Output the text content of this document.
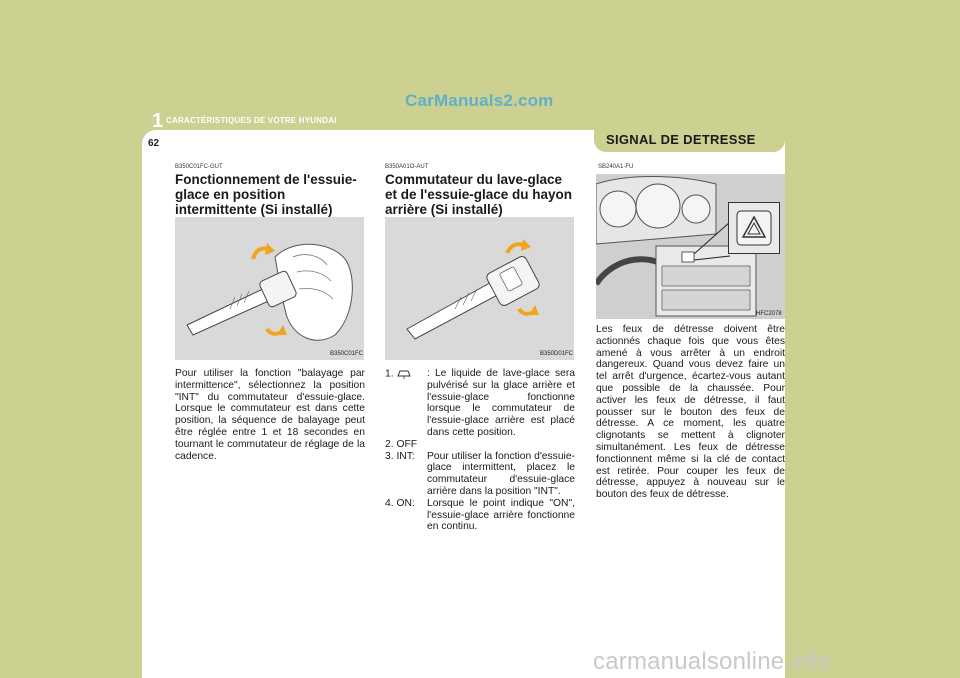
CarManuals2.com
1 CARACTÉRISTIQUES DE VOTRE HYUNDAI
62	SIGNAL DE DETRESSE
B350C01FC-GUT
Fonctionnement de l'essuie-glace en position intermittente (Si installé)
B350C01FC
Pour utiliser la fonction "balayage par intermittence", sélectionnez la position "INT" du commutateur d'essuie-glace. Lorsque le commutateur est dans cette position, la séquence de balayage peut être réglée entre 1 et 18 secondes en tournant le commutateur de réglage de la cadence.
B350A01O-AUT
Commutateur du lave-glace et de l'essuie-glace du hayon arrière (Si installé)
B350D01FC
1.	: Le liquide de lave-glace sera pulvérisé sur la glace arrière et l'essuie-glace fonctionne lorsque le commutateur de l'essuie-glace arrière est placé dans cette position.
2. OFF
3. INT:	Pour utiliser la fonction d'essuie-glace intermittent, placez le commutateur d'essuie-glace arrière dans la position "INT".
4. ON:	Lorsque le point indique "ON", l'essuie-glace arrière fonctionne en continu.
SB240A1-FU
HFC2078
Les feux de détresse doivent être actionnés chaque fois que vous êtes amené à vous arrêter à un endroit dangereux. Quand vous devez faire un tel arrêt d'urgence, écartez-vous autant que possible de la chaussée. Pour activer les feux de détresse, il faut pousser sur le bouton des feux de détresse. A ce moment, les quatre clignotants se mettent à clignoter simultanément. Les feux de détresse fonctionnent même si la clé de contact est retirée. Pour couper les feux de détresse, appuyez à nouveau sur le bouton des feux de détresse.
carmanualsonline.info
